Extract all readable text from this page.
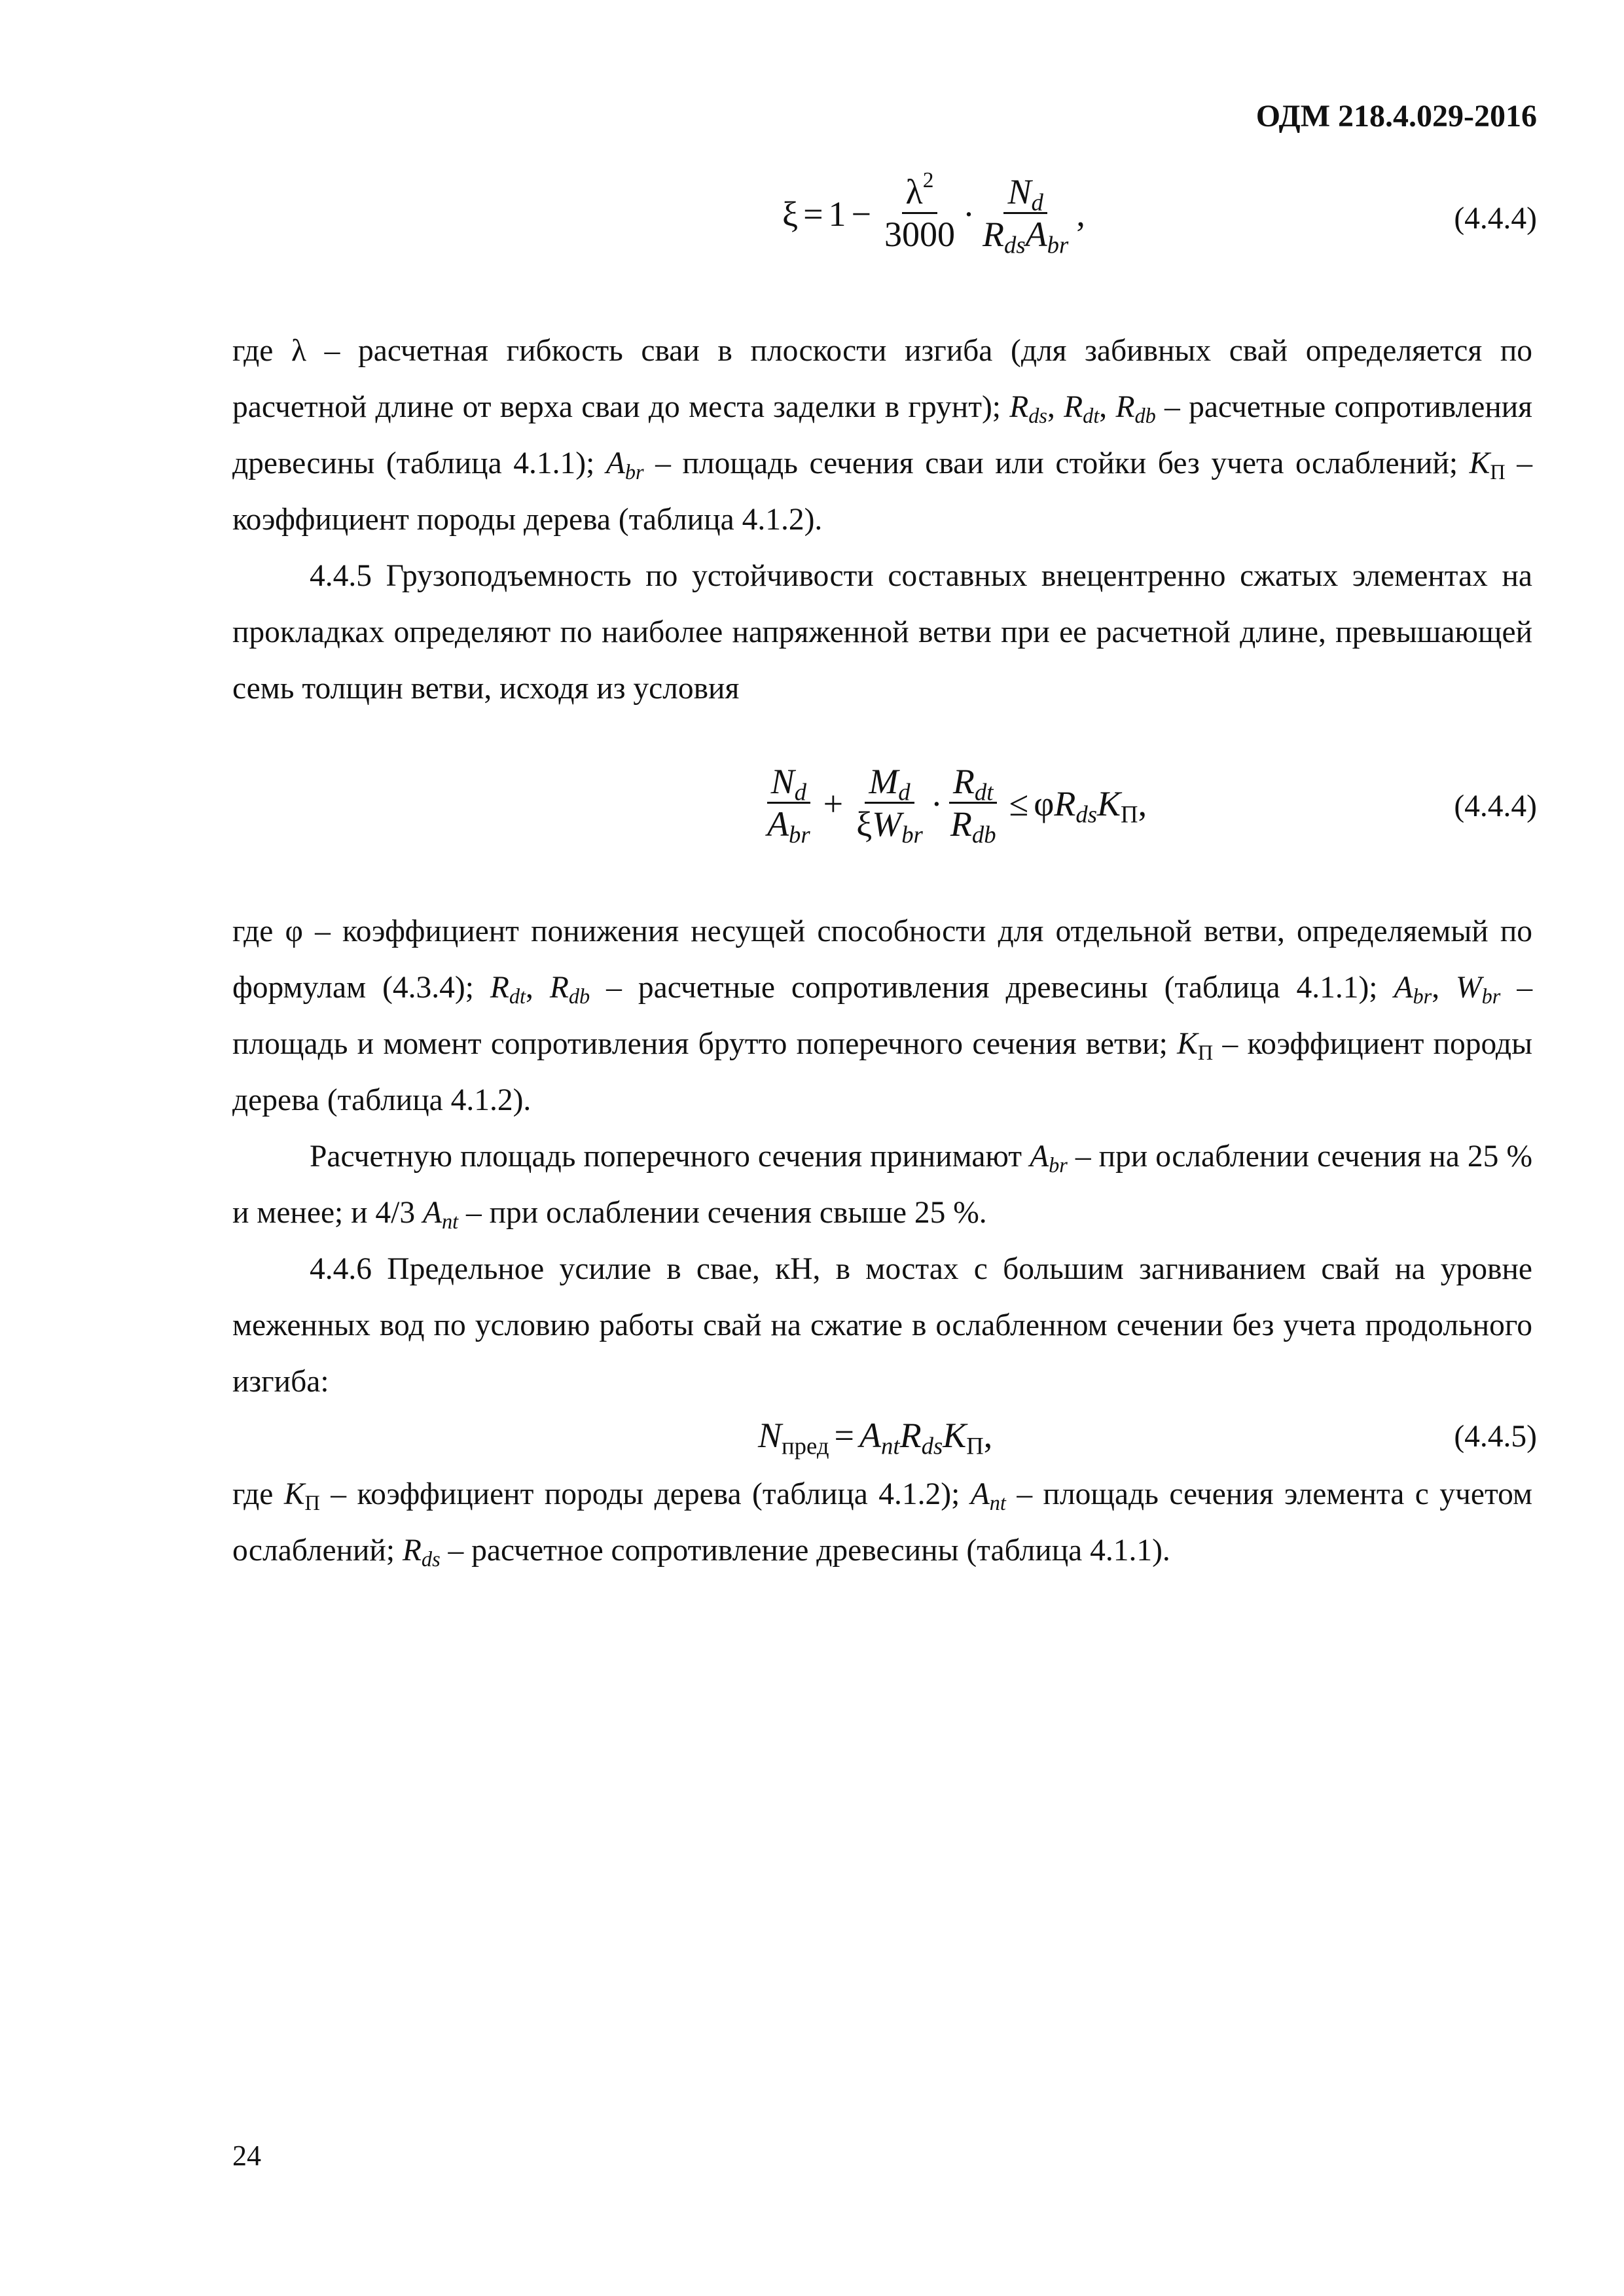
ОДМ 218.4.029-2016
$\xi = 1 - \frac{\lambda^2}{3000} \cdot \frac{N_d}{R_{ds}A_{br}}$ ,	(4.4.4)

где λ – расчетная гибкость сваи в плоскости изгиба (для забивных свай определяется по расчетной длине от верха сваи до места заделки в грунт); $R_{ds}$, $R_{dt}$, $R_{db}$ – расчетные сопротивления древесины (таблица 4.1.1); $A_{br}$ – площадь сечения сваи или стойки без учета ослаблений; $K_П$ – коэффициент породы дерева (таблица 4.1.2).

4.4.5 Грузоподъемность по устойчивости составных внецентренно сжатых элементах на прокладках определяют по наиболее напряженной ветви при ее расчетной длине, превышающей семь толщин ветви, исходя из условия

$\frac{N_d}{A_{br}} + \frac{M_d}{\xi W_{br}} \cdot \frac{R_{dt}}{R_{db}} \le \varphi R_{ds}K_П$,	(4.4.4)

где φ – коэффициент понижения несущей способности для отдельной ветви, определяемый по формулам (4.3.4); $R_{dt}$, $R_{db}$ – расчетные сопротивления древесины (таблица 4.1.1); $A_{br}$, $W_{br}$ – площадь и момент сопротивления брутто поперечного сечения ветви; $K_П$ – коэффициент породы дерева (таблица 4.1.2).

Расчетную площадь поперечного сечения принимают $A_{br}$ – при ослаблении сечения на 25 % и менее; и 4/3 $A_{nt}$ – при ослаблении сечения свыше 25 %.

4.4.6 Предельное усилие в свае, кН, в мостах с большим загниванием свай на уровне меженных вод по условию работы свай на сжатие в ослабленном сечении без учета продольного изгиба:

$N_{пред} = A_{nt}R_{ds}K_П$,	(4.4.5)

где $K_П$ – коэффициент породы дерева (таблица 4.1.2); $A_{nt}$ – площадь сечения элемента с учетом ослаблений; $R_{ds}$ – расчетное сопротивление древесины (таблица 4.1.1).

24
